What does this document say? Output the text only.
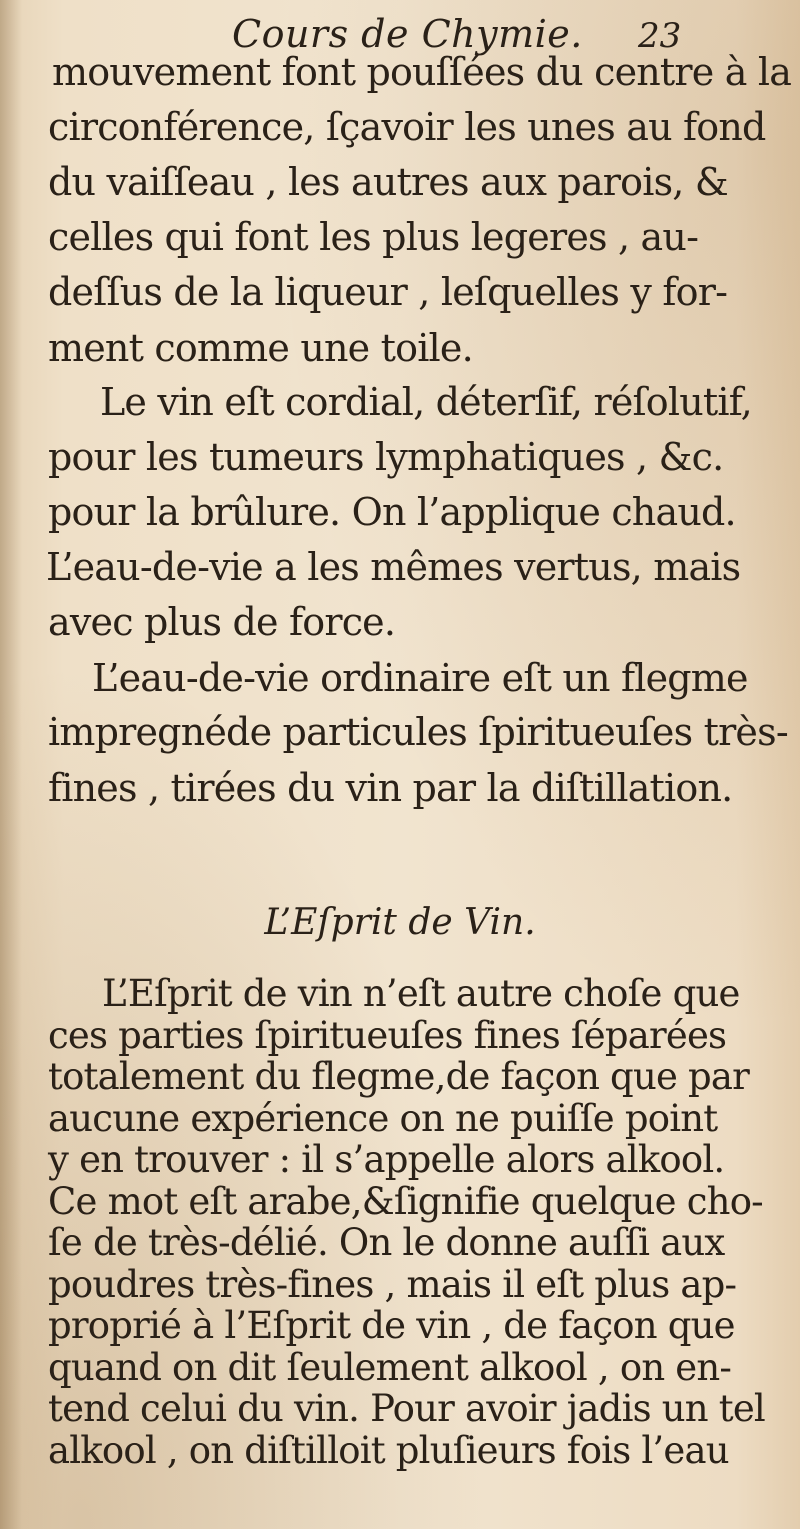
Cours de Chymie. 23
mouvement font pouſſées du centre à la
circonférence, ſçavoir les unes au fond
du vaiſſeau , les autres aux parois, &
celles qui font les plus legeres , au-
deſſus de la liqueur , leſquelles y for-
ment comme une toile.
Le vin eſt cordial, déterſif, réſolutif,
pour les tumeurs lymphatiques , &c.
pour la brûlure. On l’applique chaud.
L’eau-de-vie a les mêmes vertus, mais
avec plus de force.
L’eau-de-vie ordinaire eſt un flegme
impregnéde particules ſpiritueuſes très-
fines , tirées du vin par la diſtillation.
L’Eſprit de Vin.
L’Eſprit de vin n’eſt autre choſe que
ces parties ſpiritueuſes fines ſéparées
totalement du flegme,de façon que par
aucune expérience on ne puiſſe point
y en trouver : il s’appelle alors alkool.
Ce mot eſt arabe,&ſignifie quelque cho-
ſe de très-délié. On le donne auſſi aux
poudres très-fines , mais il eſt plus ap-
proprié à l’Eſprit de vin , de façon que
quand on dit ſeulement alkool , on en-
tend celui du vin. Pour avoir jadis un tel
alkool , on diſtilloit pluſieurs fois l’eau
